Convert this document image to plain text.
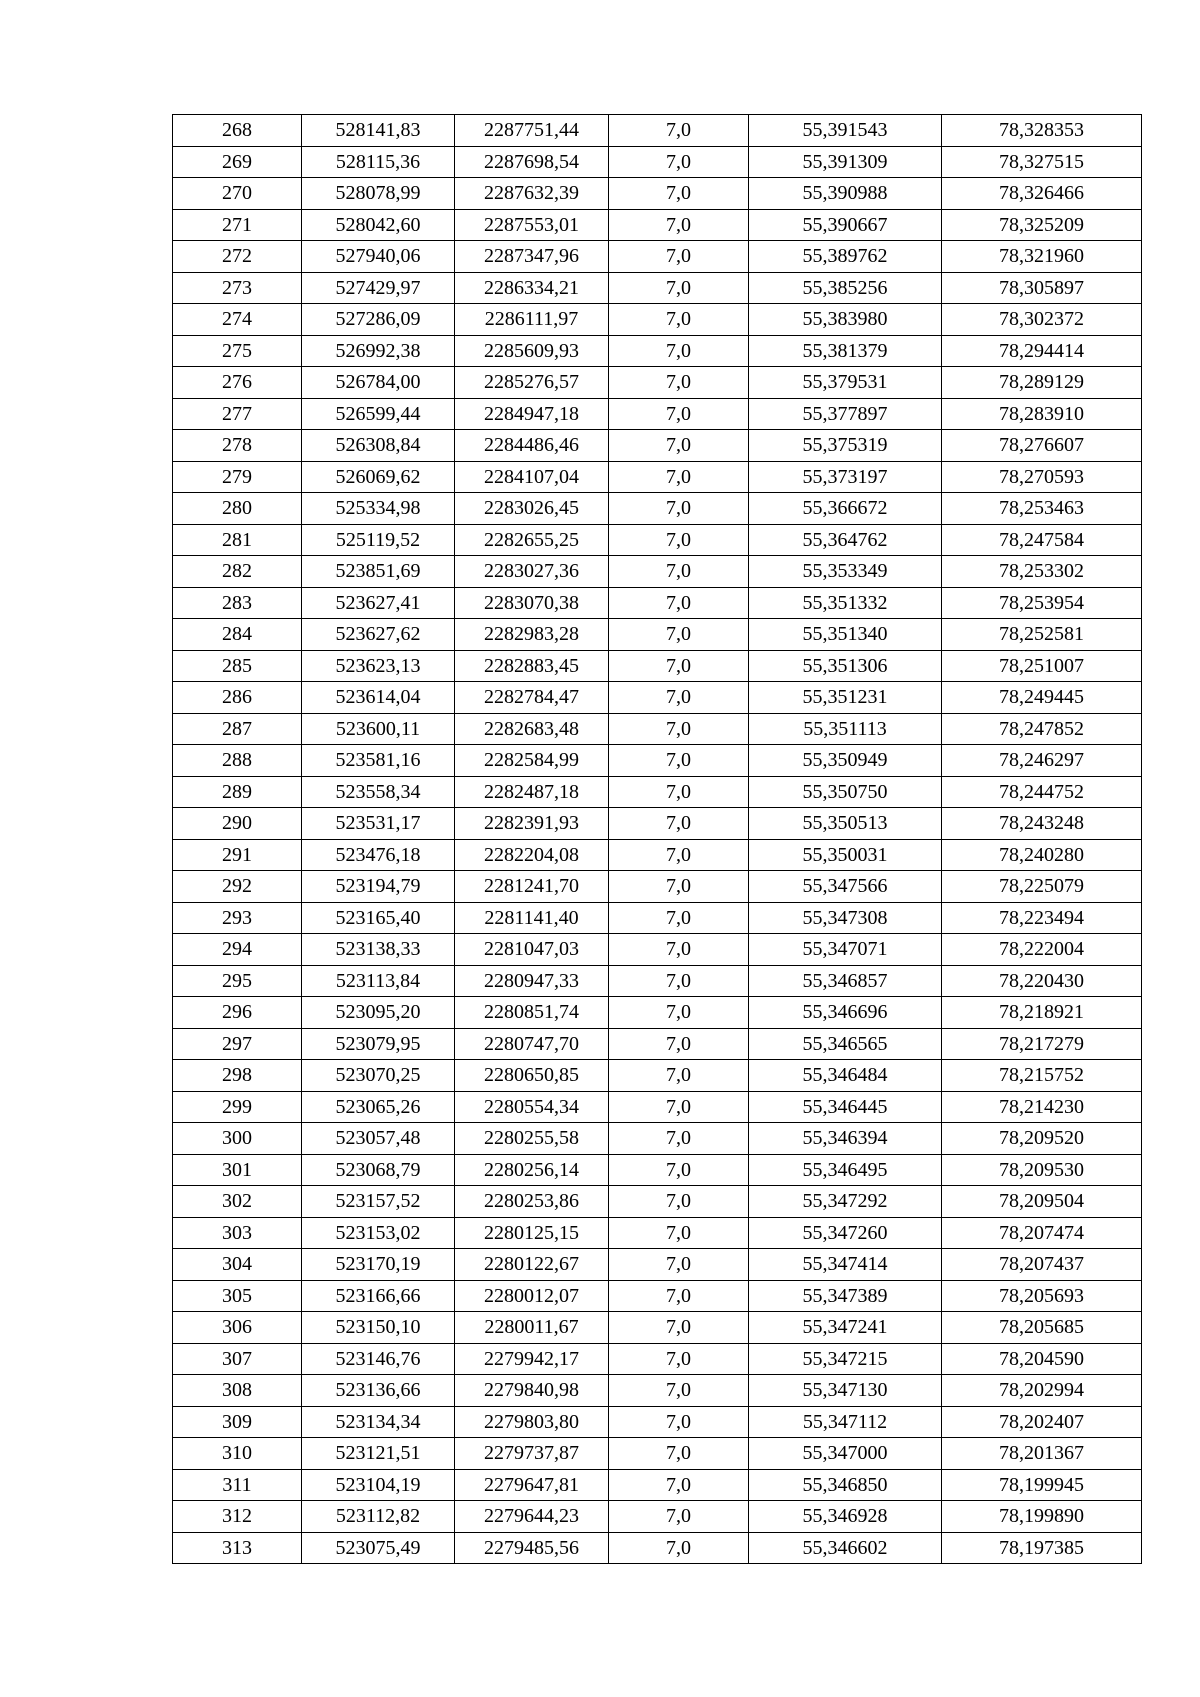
268	528141,83	2287751,44	7,0	55,391543	78,328353
269	528115,36	2287698,54	7,0	55,391309	78,327515
270	528078,99	2287632,39	7,0	55,390988	78,326466
271	528042,60	2287553,01	7,0	55,390667	78,325209
272	527940,06	2287347,96	7,0	55,389762	78,321960
273	527429,97	2286334,21	7,0	55,385256	78,305897
274	527286,09	2286111,97	7,0	55,383980	78,302372
275	526992,38	2285609,93	7,0	55,381379	78,294414
276	526784,00	2285276,57	7,0	55,379531	78,289129
277	526599,44	2284947,18	7,0	55,377897	78,283910
278	526308,84	2284486,46	7,0	55,375319	78,276607
279	526069,62	2284107,04	7,0	55,373197	78,270593
280	525334,98	2283026,45	7,0	55,366672	78,253463
281	525119,52	2282655,25	7,0	55,364762	78,247584
282	523851,69	2283027,36	7,0	55,353349	78,253302
283	523627,41	2283070,38	7,0	55,351332	78,253954
284	523627,62	2282983,28	7,0	55,351340	78,252581
285	523623,13	2282883,45	7,0	55,351306	78,251007
286	523614,04	2282784,47	7,0	55,351231	78,249445
287	523600,11	2282683,48	7,0	55,351113	78,247852
288	523581,16	2282584,99	7,0	55,350949	78,246297
289	523558,34	2282487,18	7,0	55,350750	78,244752
290	523531,17	2282391,93	7,0	55,350513	78,243248
291	523476,18	2282204,08	7,0	55,350031	78,240280
292	523194,79	2281241,70	7,0	55,347566	78,225079
293	523165,40	2281141,40	7,0	55,347308	78,223494
294	523138,33	2281047,03	7,0	55,347071	78,222004
295	523113,84	2280947,33	7,0	55,346857	78,220430
296	523095,20	2280851,74	7,0	55,346696	78,218921
297	523079,95	2280747,70	7,0	55,346565	78,217279
298	523070,25	2280650,85	7,0	55,346484	78,215752
299	523065,26	2280554,34	7,0	55,346445	78,214230
300	523057,48	2280255,58	7,0	55,346394	78,209520
301	523068,79	2280256,14	7,0	55,346495	78,209530
302	523157,52	2280253,86	7,0	55,347292	78,209504
303	523153,02	2280125,15	7,0	55,347260	78,207474
304	523170,19	2280122,67	7,0	55,347414	78,207437
305	523166,66	2280012,07	7,0	55,347389	78,205693
306	523150,10	2280011,67	7,0	55,347241	78,205685
307	523146,76	2279942,17	7,0	55,347215	78,204590
308	523136,66	2279840,98	7,0	55,347130	78,202994
309	523134,34	2279803,80	7,0	55,347112	78,202407
310	523121,51	2279737,87	7,0	55,347000	78,201367
311	523104,19	2279647,81	7,0	55,346850	78,199945
312	523112,82	2279644,23	7,0	55,346928	78,199890
313	523075,49	2279485,56	7,0	55,346602	78,197385
